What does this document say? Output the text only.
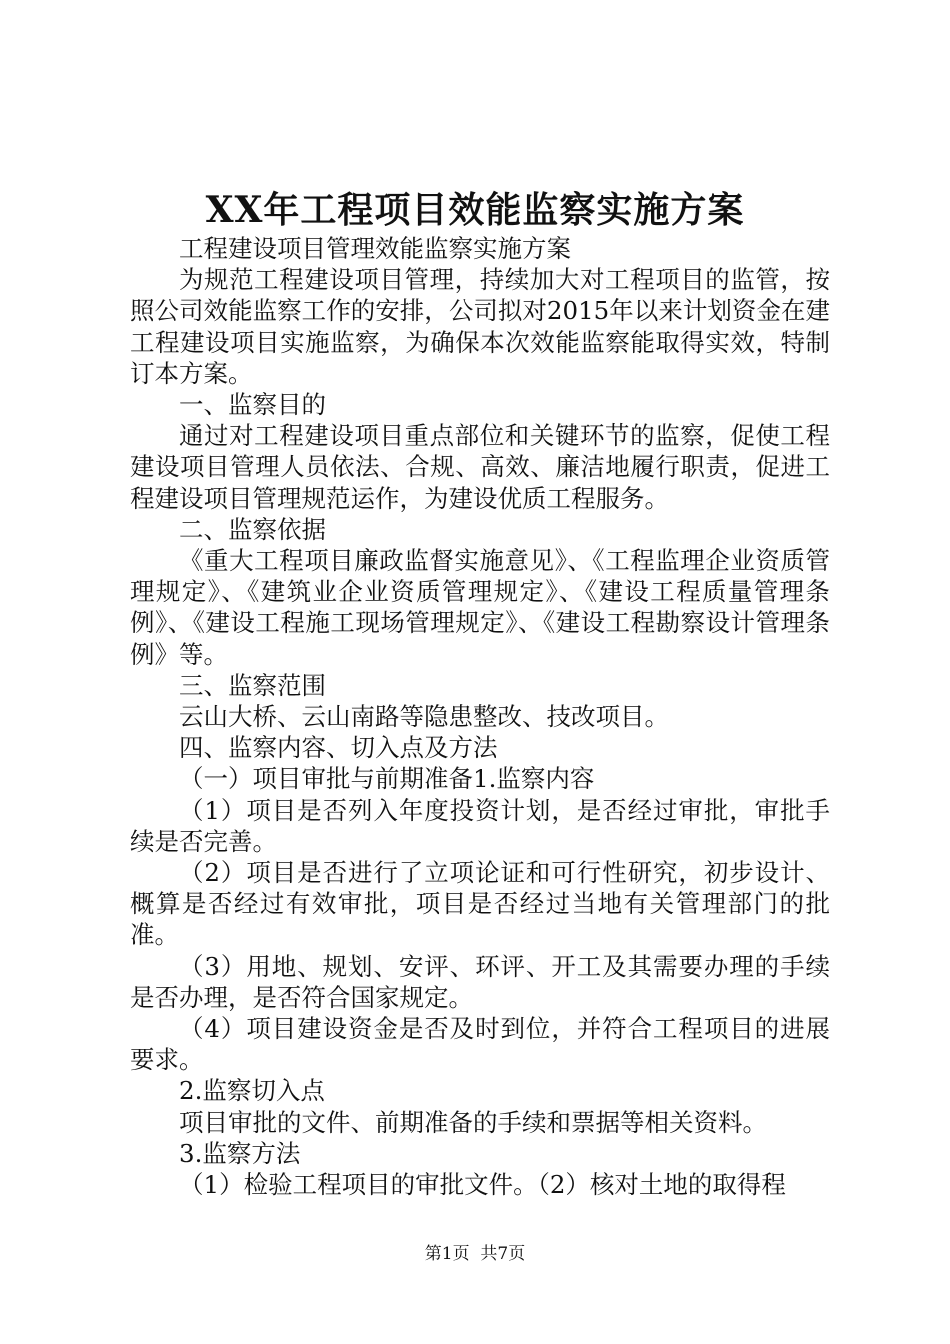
XX年工程项目效能监察实施方案

工程建设项目管理效能监察实施方案

为规范工程建设项目管理，持续加大对工程项目的监管，按照公司效能监察工作的安排，公司拟对2015年以来计划资金在建工程建设项目实施监察，为确保本次效能监察能取得实效，特制订本方案。

一、监察目的

通过对工程建设项目重点部位和关键环节的监察，促使工程建设项目管理人员依法、合规、高效、廉洁地履行职责，促进工程建设项目管理规范运作，为建设优质工程服务。

二、监察依据

《重大工程项目廉政监督实施意见》、《工程监理企业资质管理规定》、《建筑业企业资质管理规定》、《建设工程质量管理条例》、《建设工程施工现场管理规定》、《建设工程勘察设计管理条例》等。

三、监察范围

云山大桥、云山南路等隐患整改、技改项目。

四、监察内容、切入点及方法

（一）项目审批与前期准备1.监察内容

（1）项目是否列入年度投资计划，是否经过审批，审批手续是否完善。

（2）项目是否进行了立项论证和可行性研究，初步设计、概算是否经过有效审批，项目是否经过当地有关管理部门的批准。

（3）用地、规划、安评、环评、开工及其需要办理的手续是否办理，是否符合国家规定。

（4）项目建设资金是否及时到位，并符合工程项目的进展要求。

2.监察切入点

项目审批的文件、前期准备的手续和票据等相关资料。

3.监察方法

（1）检验工程项目的审批文件。（2）核对土地的取得程

第1页  共7页
